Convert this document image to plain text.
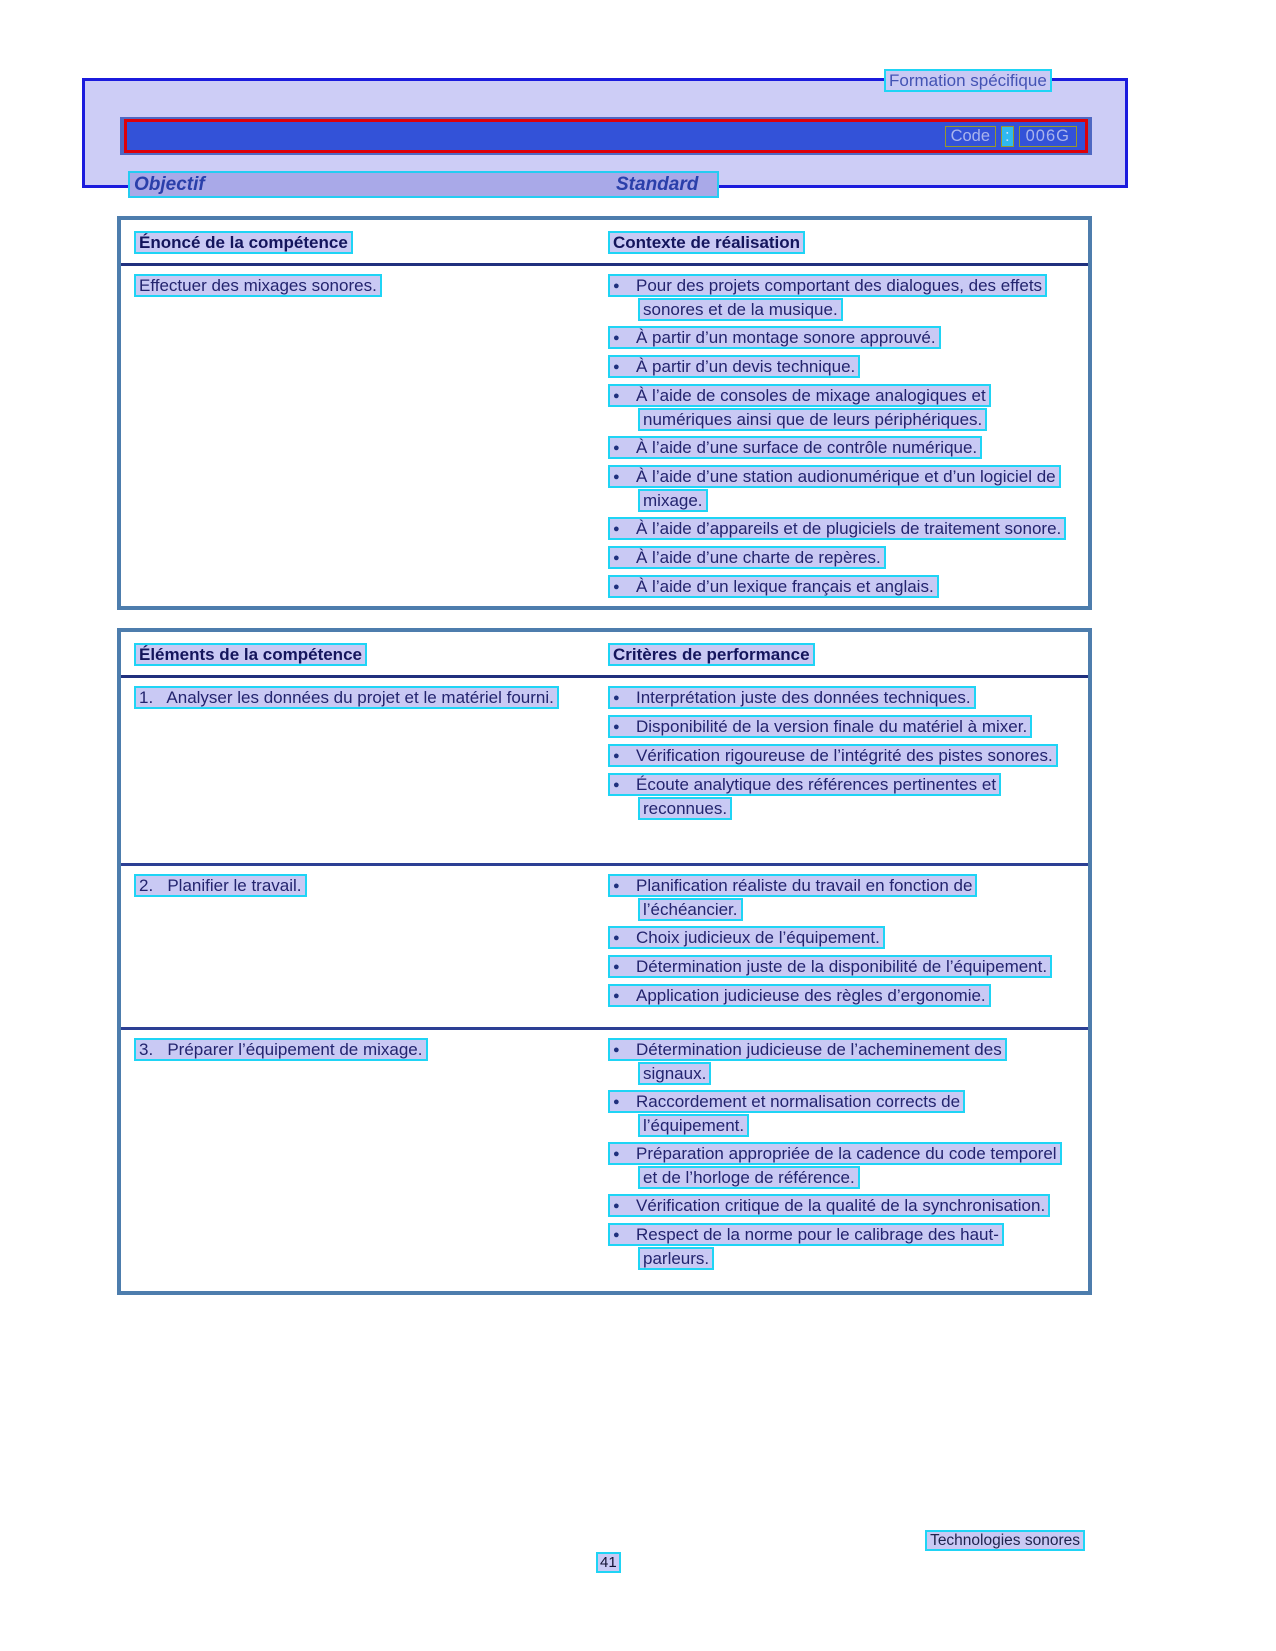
Formation spécifique
Code : 006G
Objectif	Standard
Énoncé de la compétence	Contexte de réalisation
Effectuer des mixages sonores.	● Pour des projets comportant des dialogues, des effets sonores et de la musique.
● À partir d’un montage sonore approuvé.
● À partir d’un devis technique.
● À l’aide de consoles de mixage analogiques et numériques ainsi que de leurs périphériques.
● À l’aide d’une surface de contrôle numérique.
● À l’aide d’une station audionumérique et d’un logiciel de mixage.
● À l’aide d’appareils et de plugiciels de traitement sonore.
● À l’aide d’une charte de repères.
● À l’aide d’un lexique français et anglais.
Éléments de la compétence	Critères de performance
1.   Analyser les données du projet et le matériel fourni.	● Interprétation juste des données techniques.
● Disponibilité de la version finale du matériel à mixer.
● Vérification rigoureuse de l’intégrité des pistes sonores.
● Écoute analytique des références pertinentes et reconnues.
2.   Planifier le travail.	● Planification réaliste du travail en fonction de l’échéancier.
● Choix judicieux de l’équipement.
● Détermination juste de la disponibilité de l’équipement.
● Application judicieuse des règles d’ergonomie.
3.   Préparer l’équipement de mixage.	● Détermination judicieuse de l’acheminement des signaux.
● Raccordement et normalisation corrects de l’équipement.
● Préparation appropriée de la cadence du code temporel et de l’horloge de référence.
● Vérification critique de la qualité de la synchronisation.
● Respect de la norme pour le calibrage des haut-parleurs.
Technologies sonores
41
